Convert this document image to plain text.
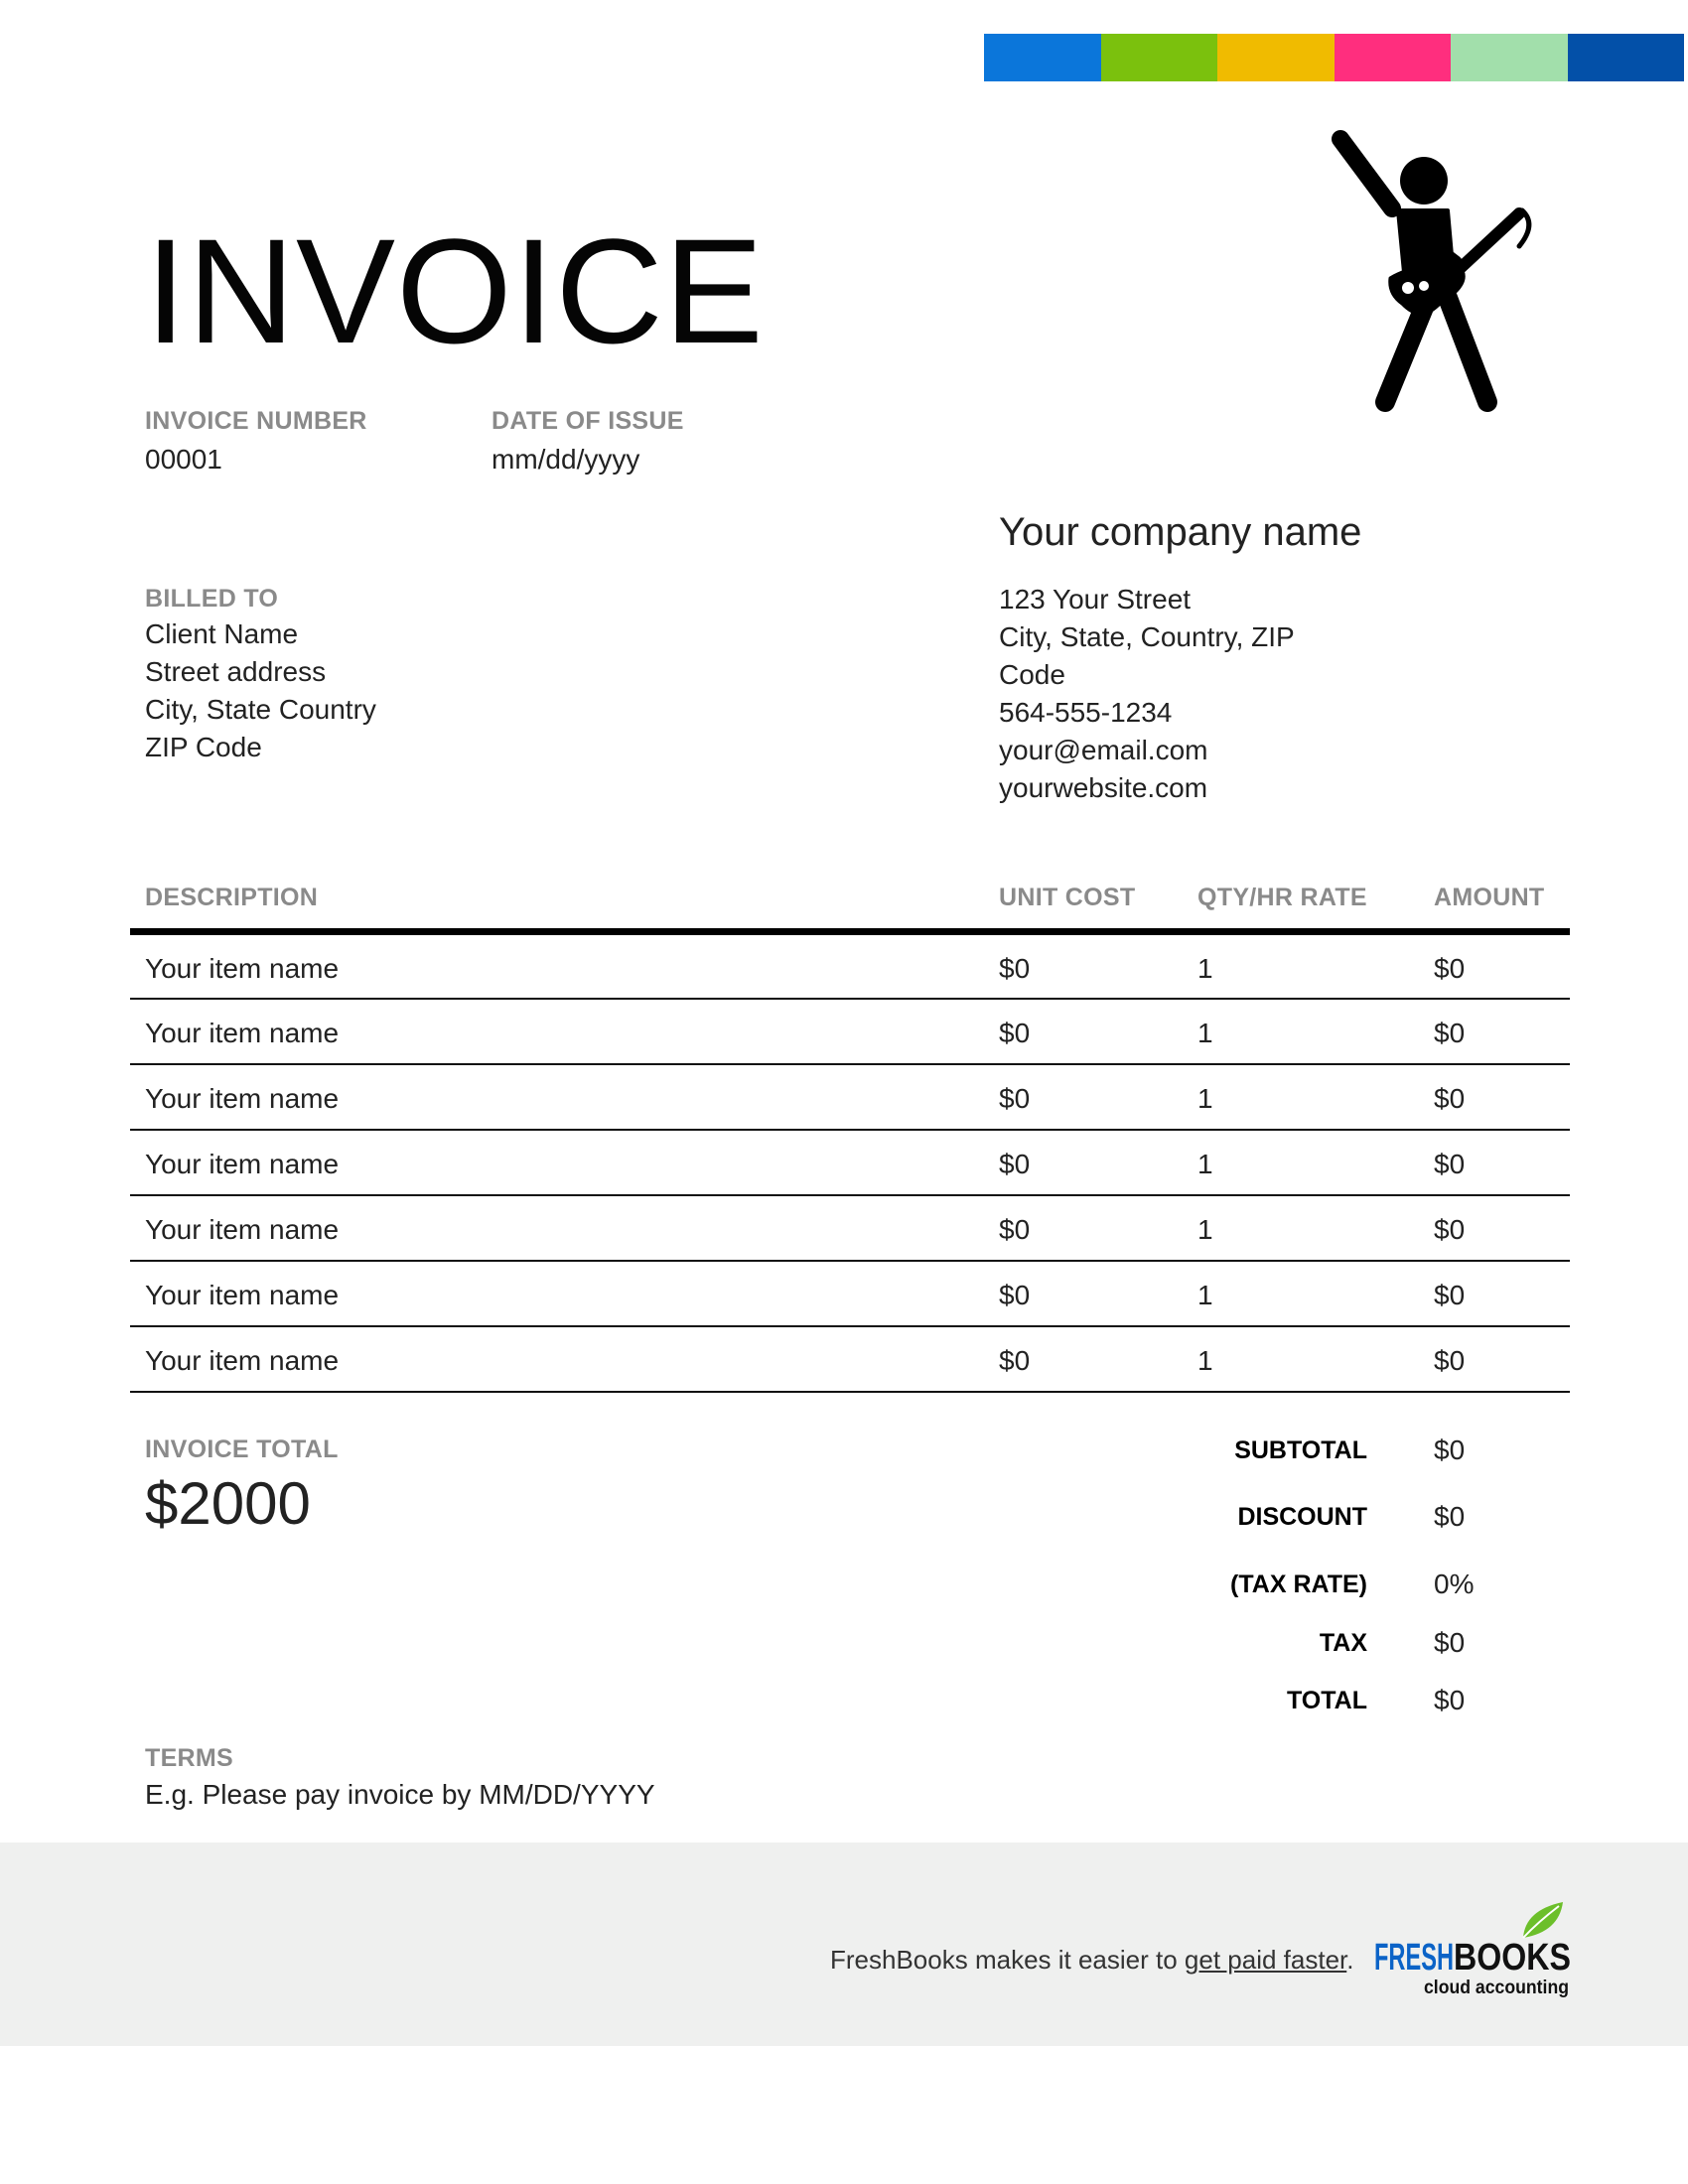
INVOICE
INVOICE NUMBER
00001
DATE OF ISSUE
mm/dd/yyyy
Your company name
123 Your Street
City, State, Country, ZIP
Code
564-555-1234
your@email.com
yourwebsite.com
BILLED TO
Client Name
Street address
City, State Country
ZIP Code
DESCRIPTION	UNIT COST	QTY/HR RATE	AMOUNT
Your item name	$0	1	$0
Your item name	$0	1	$0
Your item name	$0	1	$0
Your item name	$0	1	$0
Your item name	$0	1	$0
Your item name	$0	1	$0
Your item name	$0	1	$0
INVOICE TOTAL
$2000
SUBTOTAL $0
DISCOUNT $0
(TAX RATE) 0%
TAX $0
TOTAL $0
TERMS
E.g. Please pay invoice by MM/DD/YYYY
FreshBooks makes it easier to get paid faster. FRESH BOOKS
cloud accounting
